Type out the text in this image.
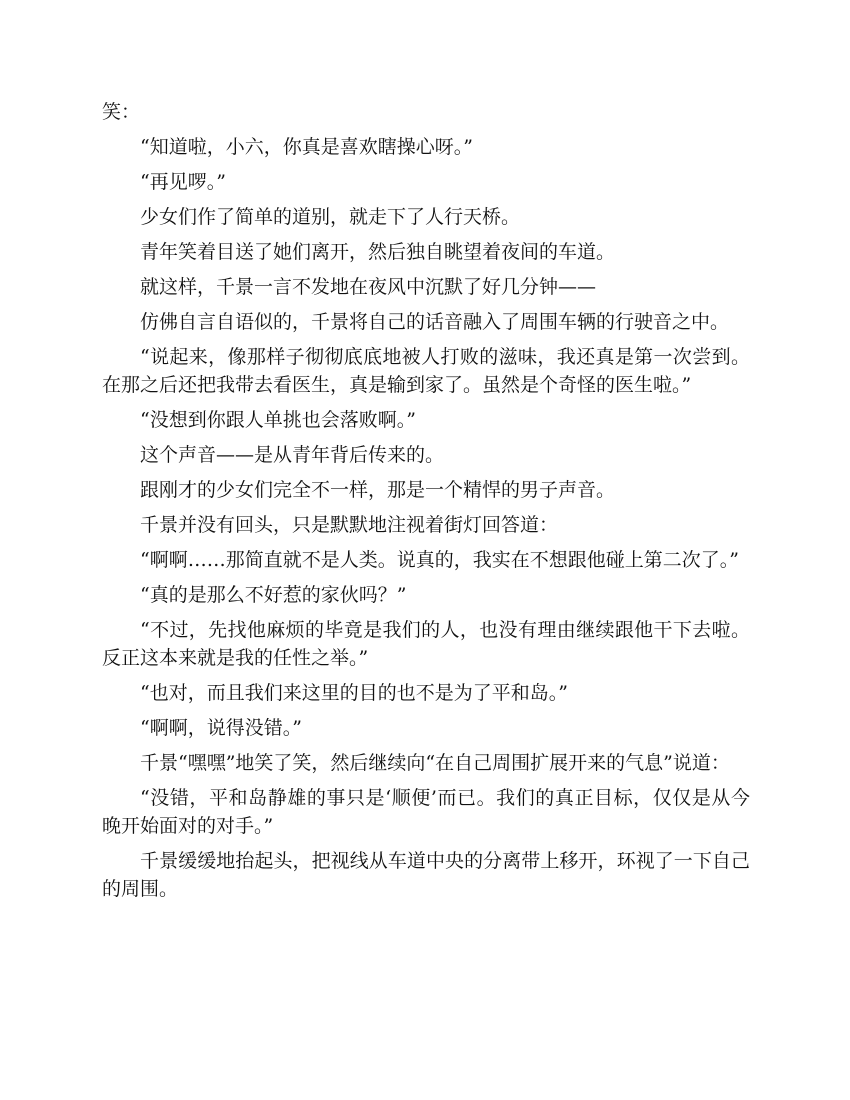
笑：

“知道啦，小六，你真是喜欢瞎操心呀。”

“再见啰。”

少女们作了简单的道别，就走下了人行天桥。

青年笑着目送了她们离开，然后独自眺望着夜间的车道。

就这样，千景一言不发地在夜风中沉默了好几分钟——

仿佛自言自语似的，千景将自己的话音融入了周围车辆的行驶音之中。

“说起来，像那样子彻彻底底地被人打败的滋味，我还真是第一次尝到。在那之后还把我带去看医生，真是输到家了。虽然是个奇怪的医生啦。”

“没想到你跟人单挑也会落败啊。”

这个声音——是从青年背后传来的。

跟刚才的少女们完全不一样，那是一个精悍的男子声音。

千景并没有回头，只是默默地注视着街灯回答道：

“啊啊……那简直就不是人类。说真的，我实在不想跟他碰上第二次了。”

“真的是那么不好惹的家伙吗？”

“不过，先找他麻烦的毕竟是我们的人，也没有理由继续跟他干下去啦。反正这本来就是我的任性之举。”

“也对，而且我们来这里的目的也不是为了平和岛。”

“啊啊，说得没错。”

千景“嘿嘿”地笑了笑，然后继续向“在自己周围扩展开来的气息”说道：

“没错，平和岛静雄的事只是‘顺便’而已。我们的真正目标，仅仅是从今晚开始面对的对手。”

千景缓缓地抬起头，把视线从车道中央的分离带上移开，环视了一下自己的周围。
